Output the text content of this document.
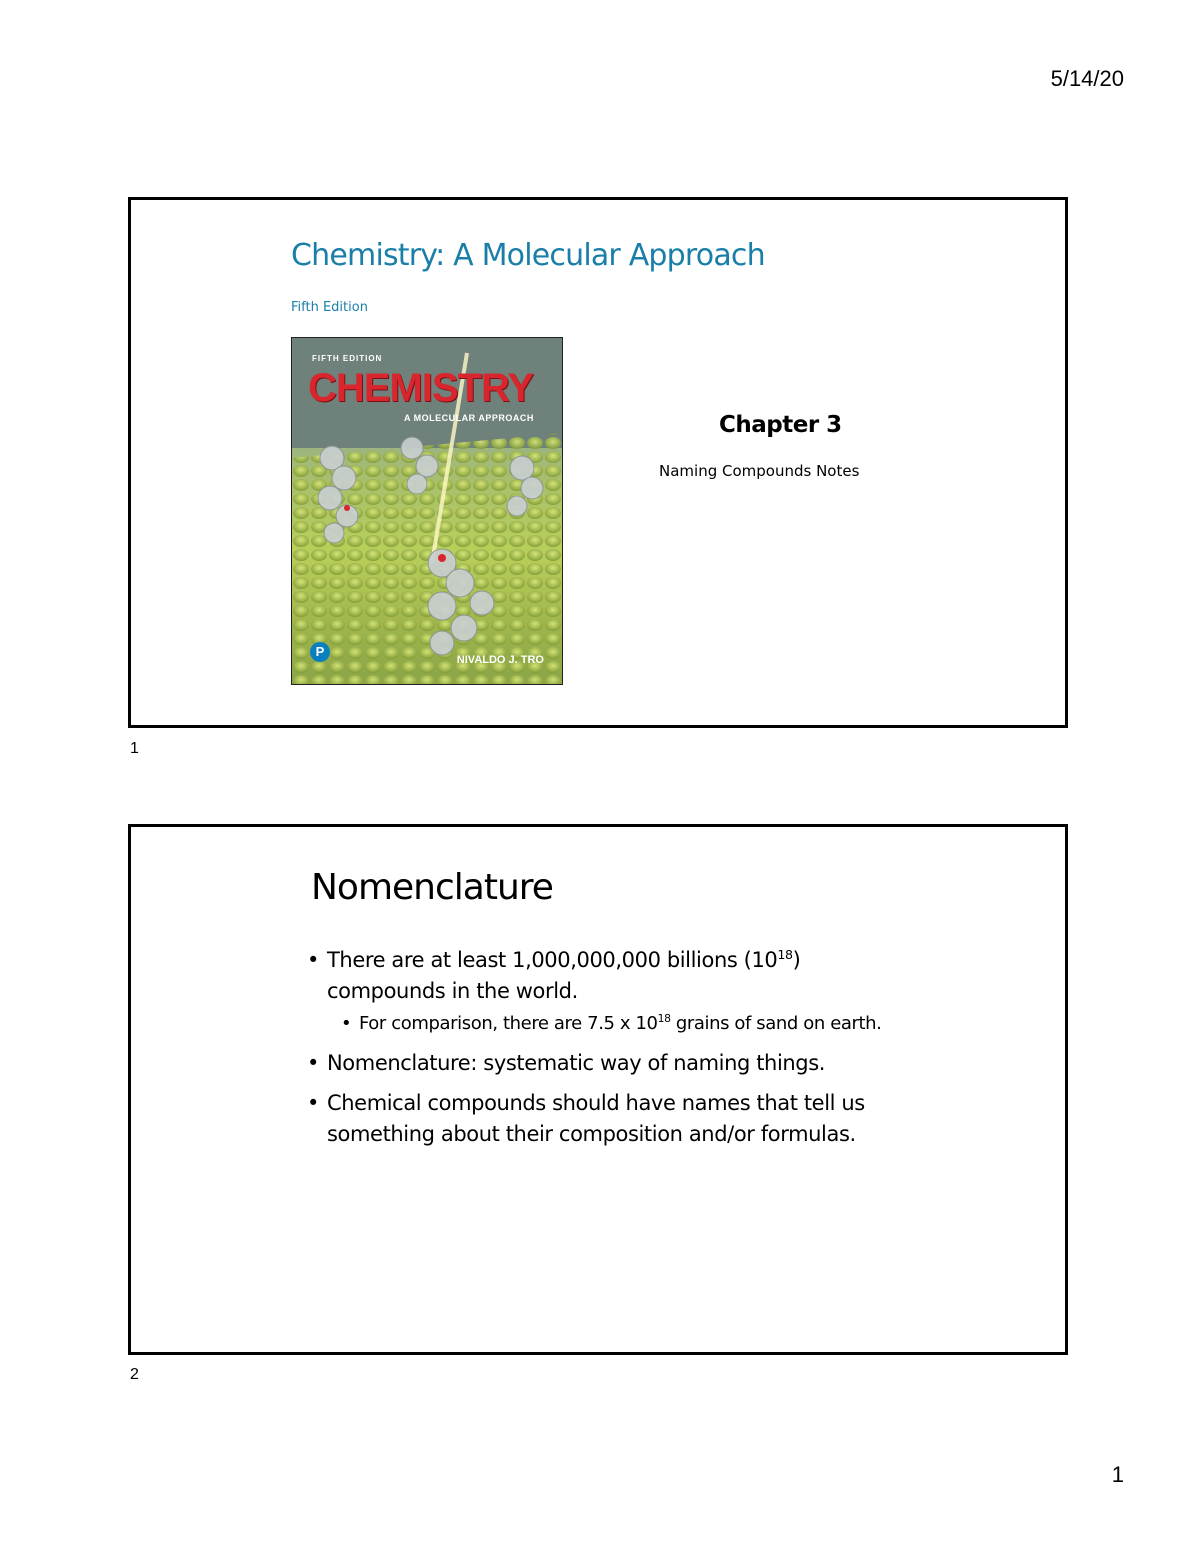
5/14/20
Chemistry: A Molecular Approach
Fifth Edition
FIFTH EDITION
CHEMISTRY
A MOLECULAR APPROACH
P
NIVALDO J. TRO
Chapter 3
Naming Compounds Notes
1
Nomenclature
• There are at least 1,000,000,000 billions $(10^{18})$
compounds in the world.
• For comparison, there are 7.5 x $10^{18}$ grains of sand on earth.
• Nomenclature: systematic way of naming things.
• Chemical compounds should have names that tell us something about their composition and/or formulas.
2
1
